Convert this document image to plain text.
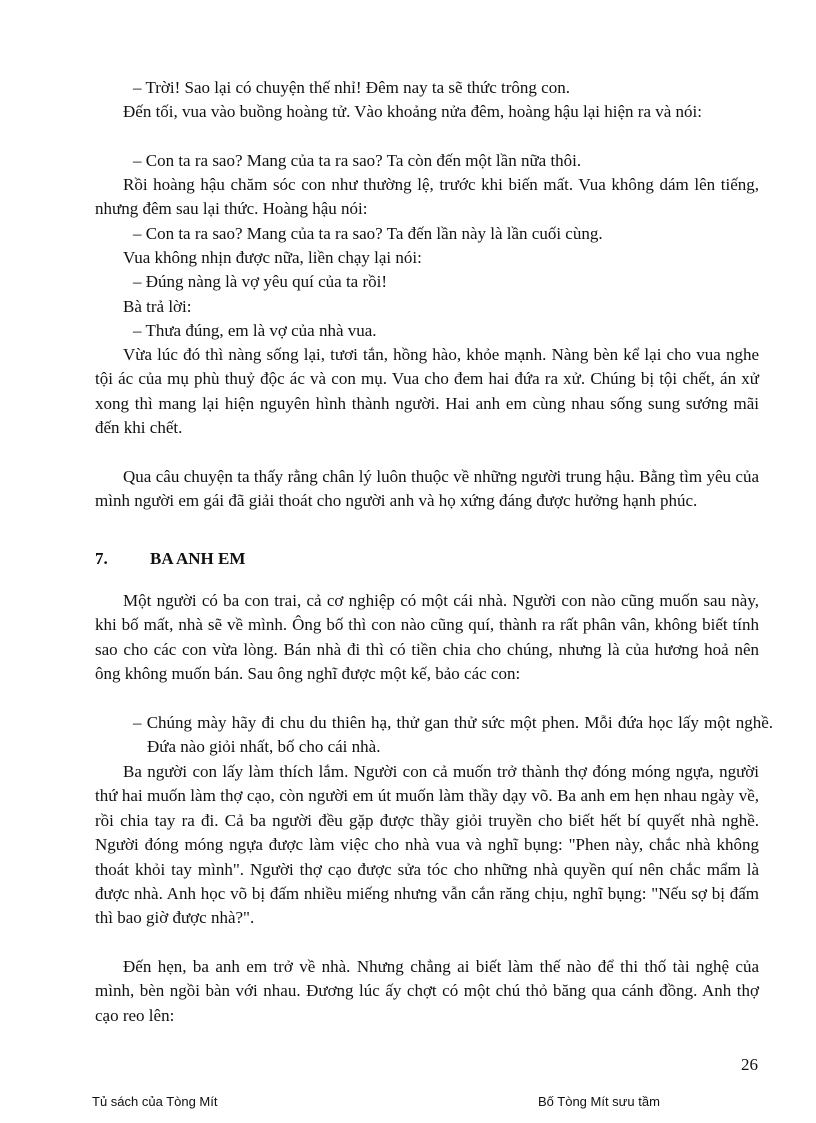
– Trời! Sao lại có chuyện thế nhỉ! Đêm nay ta sẽ thức trông con.

Đến tối, vua vào buồng hoàng tử. Vào khoảng nửa đêm, hoàng hậu lại hiện ra và nói:

– Con ta ra sao? Mang của ta ra sao? Ta còn đến một lần nữa thôi.

Rồi hoàng hậu chăm sóc con như thường lệ, trước khi biến mất. Vua không dám lên tiếng, nhưng đêm sau lại thức. Hoàng hậu nói:

– Con ta ra sao? Mang của ta ra sao? Ta đến lần này là lần cuối cùng.

Vua không nhịn được nữa, liền chạy lại nói:

– Đúng nàng là vợ yêu quí của ta rồi!

Bà trả lời:

– Thưa đúng, em là vợ của nhà vua.

Vừa lúc đó thì nàng sống lại, tươi tắn, hồng hào, khỏe mạnh. Nàng bèn kể lại cho vua nghe tội ác của mụ phù thuỷ độc ác và con mụ. Vua cho đem hai đứa ra xử. Chúng bị tội chết, án xử xong thì mang lại hiện nguyên hình thành người. Hai anh em cùng nhau sống sung sướng mãi đến khi chết.

Qua câu chuyện ta thấy rằng chân lý luôn thuộc về những người trung hậu. Bằng tìm yêu của mình người em gái đã giải thoát cho người anh và họ xứng đáng được hưởng hạnh phúc.

7. BA ANH EM

Một người có ba con trai, cả cơ nghiệp có một cái nhà. Người con nào cũng muốn sau này, khi bố mất, nhà sẽ về mình. Ông bố thì con nào cũng quí, thành ra rất phân vân, không biết tính sao cho các con vừa lòng. Bán nhà đi thì có tiền chia cho chúng, nhưng là của hương hoả nên ông không muốn bán. Sau ông nghĩ được một kế, bảo các con:

– Chúng mày hãy đi chu du thiên hạ, thử gan thử sức một phen. Mỗi đứa học lấy một nghề. Đứa nào giỏi nhất, bố cho cái nhà.

Ba người con lấy làm thích lắm. Người con cả muốn trở thành thợ đóng móng ngựa, người thứ hai muốn làm thợ cạo, còn người em út muốn làm thầy dạy võ. Ba anh em hẹn nhau ngày về, rồi chia tay ra đi. Cả ba người đều gặp được thầy giỏi truyền cho biết hết bí quyết nhà nghề. Người đóng móng ngựa được làm việc cho nhà vua và nghĩ bụng: "Phen này, chắc nhà không thoát khỏi tay mình". Người thợ cạo được sửa tóc cho những nhà quyền quí nên chắc mẩm là được nhà. Anh học võ bị đấm nhiều miếng nhưng vẫn cắn răng chịu, nghĩ bụng: "Nếu sợ bị đấm thì bao giờ được nhà?".

Đến hẹn, ba anh em trở về nhà. Nhưng chẳng ai biết làm thế nào để thi thố tài nghệ của mình, bèn ngồi bàn với nhau. Đương lúc ấy chợt có một chú thỏ băng qua cánh đồng. Anh thợ cạo reo lên:

26

Tủ sách của Tòng Mít	Bố Tòng Mít sưu tầm
